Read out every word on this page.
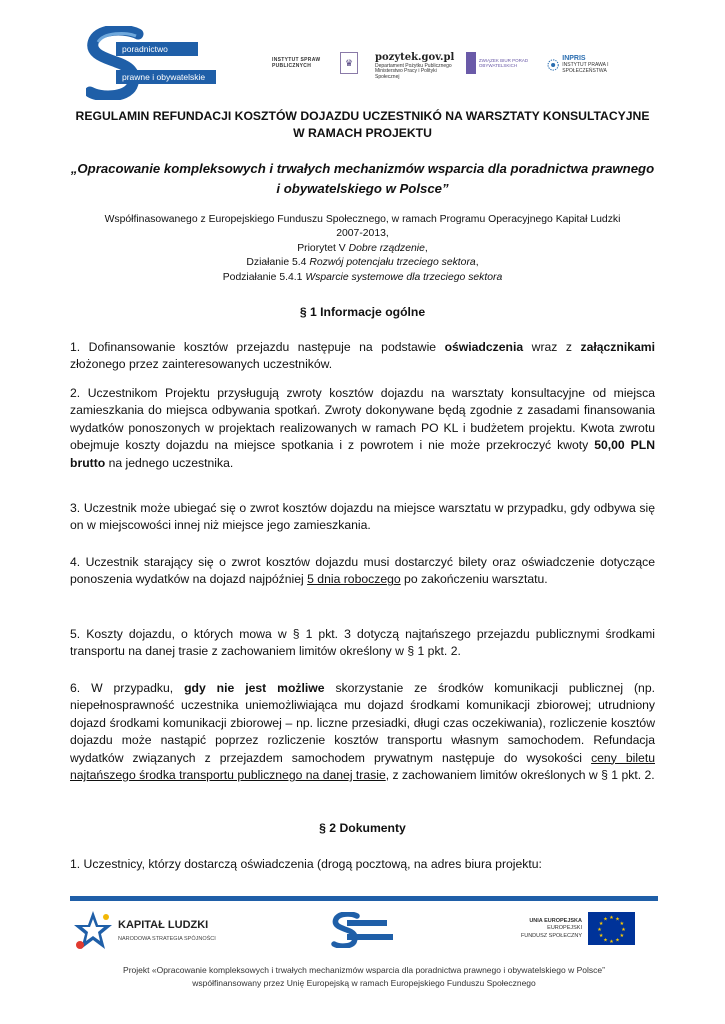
poradnictwo
prawne i obywatelskie
INSTYTUT SPRAW PUBLICZNYCH	♛	pozytek.gov.pl
Departament Pożytku Publicznego Ministerstwo Pracy i Polityki Społecznej
ZWIĄZEK BIUR PORAD OBYWATELSKICH
INPRIS
INSTYTUT PRAWA I SPOŁECZEŃSTWA
REGULAMIN REFUNDACJI KOSZTÓW DOJAZDU UCZESTNIKÓ NA WARSZTATY KONSULTACYJNE
W RAMACH PROJEKTU
„Opracowanie kompleksowych i trwałych mechanizmów wsparcia dla poradnictwa prawnego
i obywatelskiego w Polsce”
Współfinasowanego z Europejskiego Funduszu Społecznego, w ramach Programu Operacyjnego Kapitał Ludzki
2007-2013,
Priorytet V Dobre rządzenie,
Działanie 5.4 Rozwój potencjału trzeciego sektora,
Podziałanie 5.4.1 Wsparcie systemowe dla trzeciego sektora
§ 1 Informacje ogólne
1. Dofinansowanie kosztów przejazdu następuje na podstawie oświadczenia wraz z załącznikami złożonego przez zainteresowanych uczestników.
2. Uczestnikom Projektu przysługują zwroty kosztów dojazdu na warsztaty konsultacyjne od miejsca zamieszkania do miejsca odbywania spotkań. Zwroty dokonywane będą zgodnie z zasadami finansowania wydatków ponoszonych w projektach realizowanych w ramach PO KL i budżetem projektu. Kwota zwrotu obejmuje koszty dojazdu na miejsce spotkania i z powrotem i nie może przekroczyć kwoty 50,00 PLN brutto na jednego uczestnika.
3. Uczestnik może ubiegać się o zwrot kosztów dojazdu na miejsce warsztatu w przypadku, gdy odbywa się on w miejscowości innej niż miejsce jego zamieszkania.
4. Uczestnik starający się o zwrot kosztów dojazdu musi dostarczyć bilety oraz oświadczenie dotyczące ponoszenia wydatków na dojazd najpóźniej 5 dnia roboczego po zakończeniu warsztatu.
5. Koszty dojazdu, o których mowa w § 1 pkt. 3 dotyczą najtańszego przejazdu publicznymi środkami transportu na danej trasie z zachowaniem limitów określony w § 1 pkt. 2.
6. W przypadku, gdy nie jest możliwe skorzystanie ze środków komunikacji publicznej (np. niepełnosprawność uczestnika uniemożliwiająca mu dojazd środkami komunikacji zbiorowej; utrudniony dojazd środkami komunikacji zbiorowej – np. liczne przesiadki, długi czas oczekiwania), rozliczenie kosztów dojazdu może nastąpić poprzez rozliczenie kosztów transportu własnym samochodem. Refundacja wydatków związanych z przejazdem samochodem prywatnym następuje do wysokości ceny biletu najtańszego środka transportu publicznego na danej trasie, z zachowaniem limitów określonych w § 1 pkt. 2.
§ 2 Dokumenty
1. Uczestnicy, którzy dostarczą oświadczenia (drogą pocztową, na adres biura projektu:
KAPITAŁ LUDZKI
NARODOWA STRATEGIA SPÓJNOŚCI
UNIA EUROPEJSKA
EUROPEJSKI
FUNDUSZ SPOŁECZNY
★ ★
★
★
★
★
★
★
★
★
★
★
Projekt «Opracowanie kompleksowych i trwałych mechanizmów wsparcia dla poradnictwa prawnego i obywatelskiego w Polsce”
współfinansowany przez Unię Europejską w ramach Europejskiego Funduszu Społecznego
